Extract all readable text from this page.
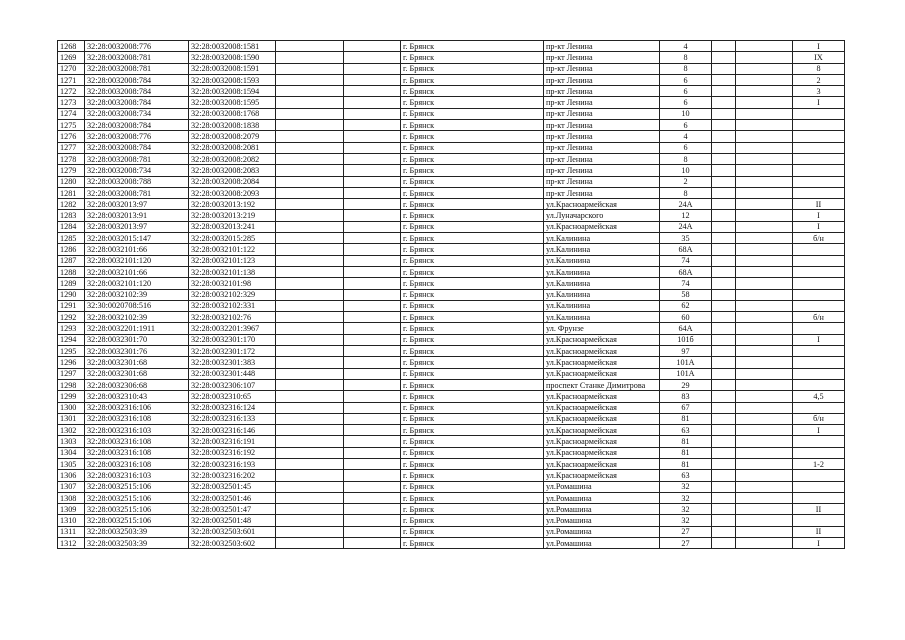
1268	32:28:0032008:776	32:28:0032008:1581			г. Брянск	пр-кт Ленина	4			I
1269	32:28:0032008:781	32:28:0032008:1590			г. Брянск	пр-кт Ленина	8			IX
1270	32:28:0032008:781	32:28:0032008:1591			г. Брянск	пр-кт Ленина	8			8
1271	32:28:0032008:784	32:28:0032008:1593			г. Брянск	пр-кт Ленина	6			2
1272	32:28:0032008:784	32:28:0032008:1594			г. Брянск	пр-кт Ленина	6			3
1273	32:28:0032008:784	32:28:0032008:1595			г. Брянск	пр-кт Ленина	6			I
1274	32:28:0032008:734	32:28:0032008:1768			г. Брянск	пр-кт Ленина	10			
1275	32:28:0032008:784	32:28:0032008:1838			г. Брянск	пр-кт Ленина	6			
1276	32:28:0032008:776	32:28:0032008:2079			г. Брянск	пр-кт Ленина	4			
1277	32:28:0032008:784	32:28:0032008:2081			г. Брянск	пр-кт Ленина	6			
1278	32:28:0032008:781	32:28:0032008:2082			г. Брянск	пр-кт Ленина	8			
1279	32:28:0032008:734	32:28:0032008:2083			г. Брянск	пр-кт Ленина	10			
1280	32:28:0032008:788	32:28:0032008:2084			г. Брянск	пр-кт Ленина	2			
1281	32:28:0032008:781	32:28:0032008:2093			г. Брянск	пр-кт Ленина	8			
1282	32:28:0032013:97	32:28:0032013:192			г. Брянск	ул.Красноармейская	24А			II
1283	32:28:0032013:91	32:28:0032013:219			г. Брянск	ул.Луначарского	12			I
1284	32:28:0032013:97	32:28:0032013:241			г. Брянск	ул.Красноармейская	24А			I
1285	32:28:0032015:147	32:28:0032015:285			г. Брянск	ул.Калинина	35			б/н
1286	32:28:0032101:66	32:28:0032101:122			г. Брянск	ул.Калинина	68А			
1287	32:28:0032101:120	32:28:0032101:123			г. Брянск	ул.Калинина	74			
1288	32:28:0032101:66	32:28:0032101:138			г. Брянск	ул.Калинина	68А			
1289	32:28:0032101:120	32:28:0032101:98			г. Брянск	ул.Калинина	74			
1290	32:28:0032102:39	32:28:0032102:329			г. Брянск	ул.Калинина	58			
1291	32:30:0020708:516	32:28:0032102:331			г. Брянск	ул.Калинина	62			
1292	32:28:0032102:39	32:28:0032102:76			г. Брянск	ул.Калинина	60			б/н
1293	32:28:0032201:1911	32:28:0032201:3967			г. Брянск	ул. Фрунзе	64А			
1294	32:28:0032301:70	32:28:0032301:170			г. Брянск	ул.Красноармейская	101б			I
1295	32:28:0032301:76	32:28:0032301:172			г. Брянск	ул.Красноармейская	97			
1296	32:28:0032301:68	32:28:0032301:383			г. Брянск	ул.Красноармейская	101А			
1297	32:28:0032301:68	32:28:0032301:448			г. Брянск	ул.Красноармейская	101А			
1298	32:28:0032306:68	32:28:0032306:107			г. Брянск	проспект Станке Димитрова	29			
1299	32:28:0032310:43	32:28:0032310:65			г. Брянск	ул.Красноармейская	83			4,5
1300	32:28:0032316:106	32:28:0032316:124			г. Брянск	ул.Красноармейская	67			
1301	32:28:0032316:108	32:28:0032316:133			г. Брянск	ул.Красноармейская	81			б/н
1302	32:28:0032316:103	32:28:0032316:146			г. Брянск	ул.Красноармейская	63			I
1303	32:28:0032316:108	32:28:0032316:191			г. Брянск	ул.Красноармейская	81			
1304	32:28:0032316:108	32:28:0032316:192			г. Брянск	ул.Красноармейская	81			
1305	32:28:0032316:108	32:28:0032316:193			г. Брянск	ул.Красноармейская	81			1-2
1306	32:28:0032316:103	32:28:0032316:202			г. Брянск	ул.Красноармейская	63			
1307	32:28:0032515:106	32:28:0032501:45			г. Брянск	ул.Ромашина	32			
1308	32:28:0032515:106	32:28:0032501:46			г. Брянск	ул.Ромашина	32			
1309	32:28:0032515:106	32:28:0032501:47			г. Брянск	ул.Ромашина	32			II
1310	32:28:0032515:106	32:28:0032501:48			г. Брянск	ул.Ромашина	32			
1311	32:28:0032503:39	32:28:0032503:601			г. Брянск	ул.Ромашина	27			II
1312	32:28:0032503:39	32:28:0032503:602			г. Брянск	ул.Ромашина	27			I
